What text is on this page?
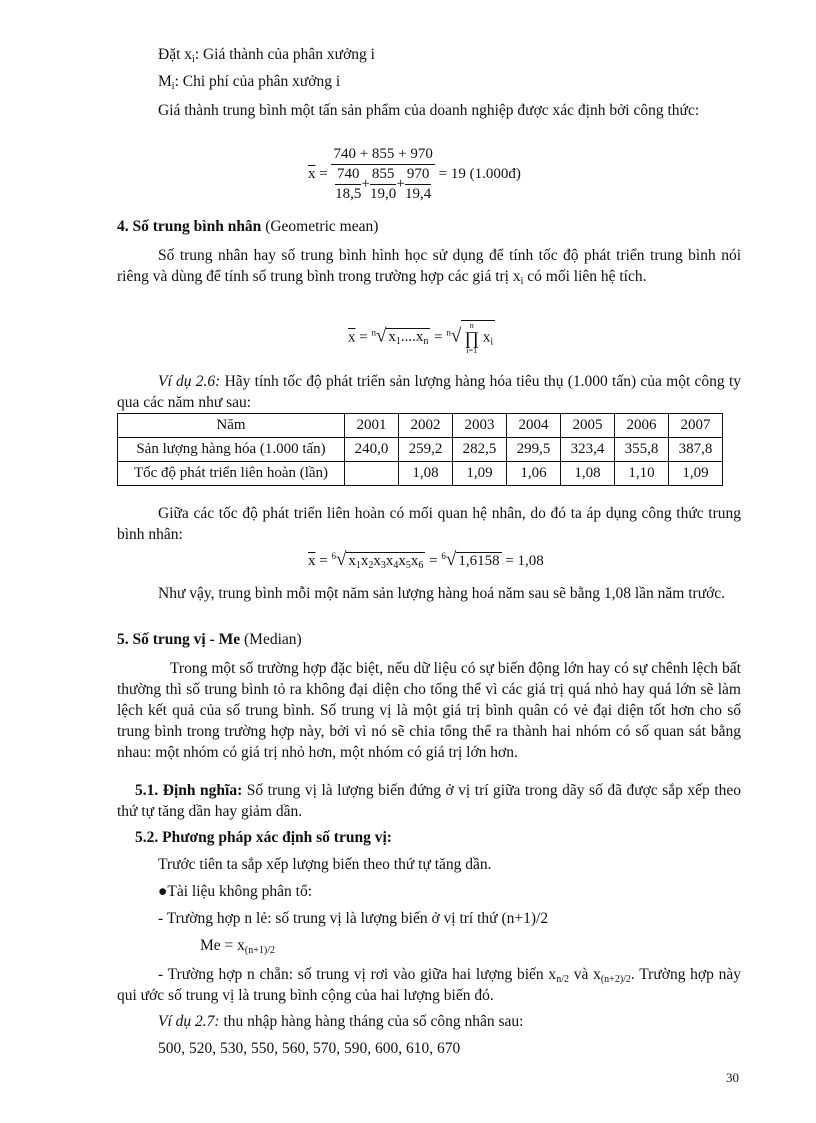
Đặt $x_i$: Giá thành của phân xưởng i
$M_i$: Chi phí của phân xưởng i
Giá thành trung bình một tấn sản phẩm của doanh nghiệp được xác định bởi công thức:
$\overline{x} = \frac{740 + 855 + 970}{\frac{740}{18,5} + \frac{855}{19,0} + \frac{970}{19,4}} = 19$ (1.000đ)
4. Số trung bình nhân (Geometric mean)
Số trung nhân hay số trung bình hình học sử dụng để tính tốc độ phát triển trung bình nói riêng và dùng để tính số trung bình trong trường hợp các giá trị $x_i$ có mối liên hệ tích.
$\overline{x} = ^n√$ $x_1....x_n = ^n√$	n
∏
i=1
$x_i$
Ví dụ 2.6: Hãy tính tốc độ phát triển sản lượng hàng hóa tiêu thụ (1.000 tấn) của một công ty qua các năm như sau:
Năm	2001	2002	2003	2004	2005	2006	2007
Sản lượng hàng hóa (1.000 tấn)	240,0	259,2	282,5	299,5	323,4	355,8	387,8
Tốc độ phát triển liên hoàn (lần)		1,08	1,09	1,06	1,08	1,10	1,09
Giữa các tốc độ phát triển liên hoàn có mối quan hệ nhân, do đó ta áp dụng công thức trung bình nhân:
$\overline{x} = ^6√$ $x_1x_2x_3x_4x_5x_6 = ^6√$ 1,6158 = 1,08
Như vậy, trung bình mỗi một năm sản lượng hàng hoá năm sau sẽ bằng 1,08 lần năm trước.
5. Số trung vị - Me (Median)
Trong một số trường hợp đặc biệt, nếu dữ liệu có sự biến động lớn hay có sự chênh lệch bất thường thì số trung bình tỏ ra không đại diện cho tổng thể vì các giá trị quá nhỏ hay quá lớn sẽ làm lệch kết quả của số trung bình. Số trung vị là một giá trị bình quân có vẻ đại diện tốt hơn cho số trung bình trong trường hợp này, bởi vì nó sẽ chia tổng thể ra thành hai nhóm có số quan sát bằng nhau: một nhóm có giá trị nhỏ hơn, một nhóm có giá trị lớn hơn.
5.1. Định nghĩa: Số trung vị là lượng biến đứng ở vị trí giữa trong dãy số đã được sắp xếp theo thứ tự tăng dần hay giảm dần.
5.2. Phương pháp xác định số trung vị:
Trước tiên ta sắp xếp lượng biến theo thứ tự tăng dần.
●Tài liệu không phân tổ:
- Trường hợp n lẻ: số trung vị là lượng biến ở vị trí thứ (n+1)/2
$Me = x_{(n+1)/2}$
- Trường hợp n chẵn: số trung vị rơi vào giữa hai lượng biến $x_{n/2}$ và $x_{(n+2)/2}$. Trường hợp này qui ước số trung vị là trung bình cộng của hai lượng biến đó.
Ví dụ 2.7: thu nhập hàng hàng tháng của số công nhân sau:
500, 520, 530, 550, 560, 570, 590, 600, 610, 670
30
